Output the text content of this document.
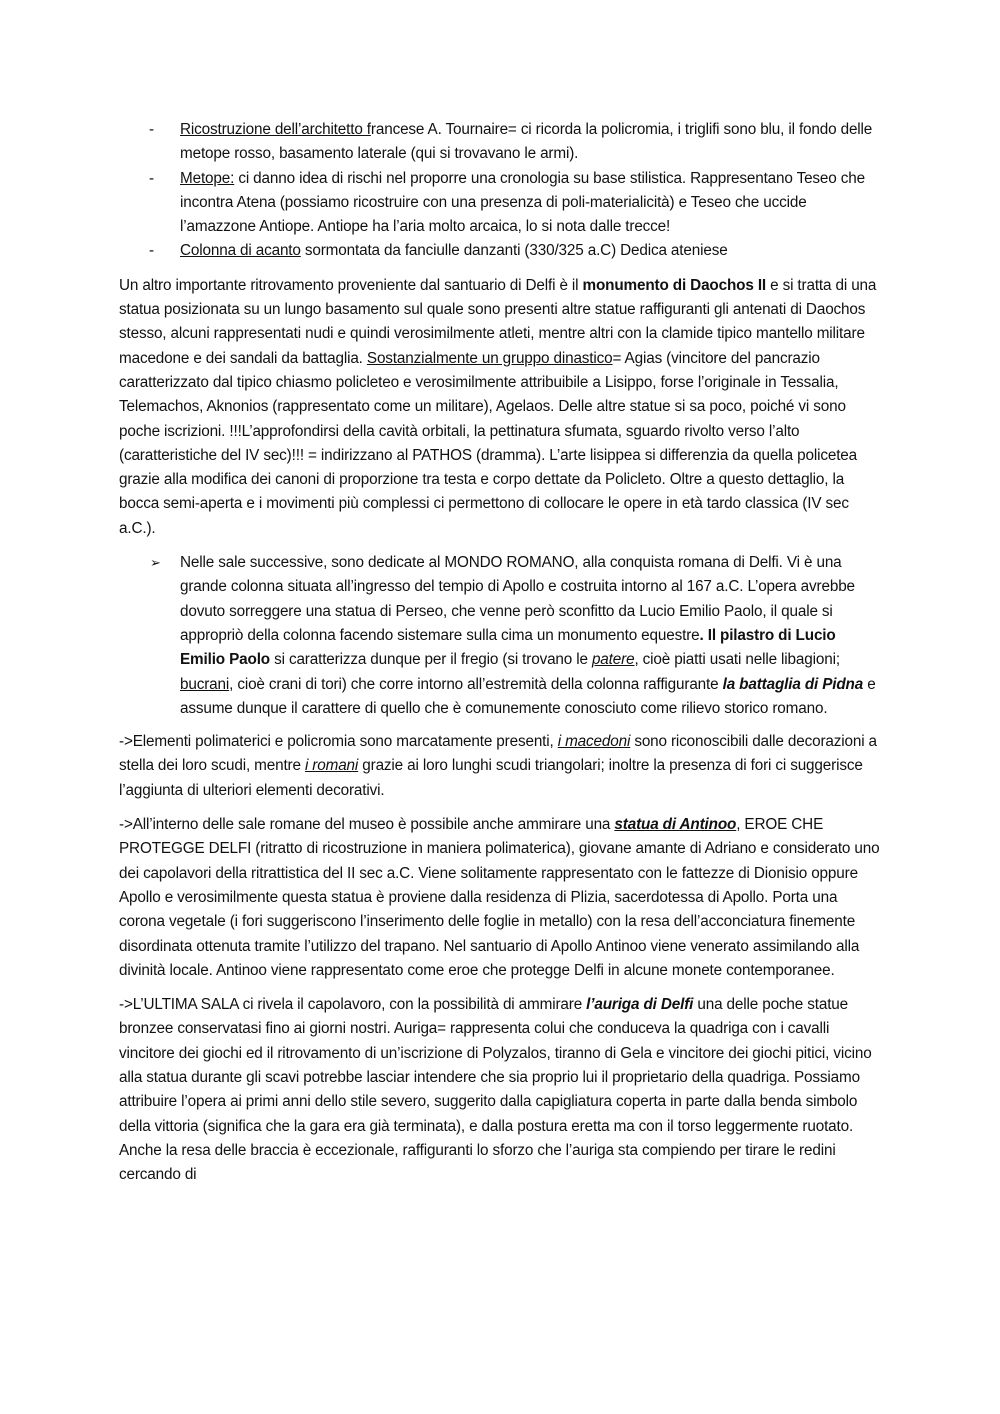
-	Ricostruzione dell’architetto francese A. Tournaire= ci ricorda la policromia, i triglifi sono blu, il fondo delle metope rosso, basamento laterale (qui si trovavano le armi).
-	Metope: ci danno idea di rischi nel proporre una cronologia su base stilistica. Rappresentano Teseo che incontra Atena (possiamo ricostruire con una presenza di poli-materialicità) e Teseo che uccide l’amazzone Antiope. Antiope ha l’aria molto arcaica, lo si nota dalle trecce!
-	Colonna di acanto sormontata da fanciulle danzanti (330/325 a.C) Dedica ateniese

Un altro importante ritrovamento proveniente dal santuario di Delfi è il monumento di Daochos II e si tratta di una statua posizionata su un lungo basamento sul quale sono presenti altre statue raffiguranti gli antenati di Daochos stesso, alcuni rappresentati nudi e quindi verosimilmente atleti, mentre altri con la clamide tipico mantello militare macedone e dei sandali da battaglia. Sostanzialmente un gruppo dinastico= Agias (vincitore del pancrazio caratterizzato dal tipico chiasmo policleteo e verosimilmente attribuibile a Lisippo, forse l’originale in Tessalia, Telemachos, Aknonios (rappresentato come un militare), Agelaos. Delle altre statue si sa poco, poiché vi sono poche iscrizioni. !!!L’approfondirsi della cavità orbitali, la pettinatura sfumata, sguardo rivolto verso l’alto (caratteristiche del IV sec)!!! = indirizzano al PATHOS (dramma). L’arte lisippea si differenzia da quella policetea grazie alla modifica dei canoni di proporzione tra testa e corpo dettate da Policleto. Oltre a questo dettaglio, la bocca semi-aperta e i movimenti più complessi ci permettono di collocare le opere in età tardo classica (IV sec a.C.).

➢ Nelle sale successive, sono dedicate al MONDO ROMANO, alla conquista romana di Delfi. Vi è una grande colonna situata all’ingresso del tempio di Apollo e costruita intorno al 167 a.C. L’opera avrebbe dovuto sorreggere una statua di Perseo, che venne però sconfitto da Lucio Emilio Paolo, il quale si appropriò della colonna facendo sistemare sulla cima un monumento equestre. Il pilastro di Lucio Emilio Paolo si caratterizza dunque per il fregio (si trovano le patere, cioè piatti usati nelle libagioni; bucrani, cioè crani di tori) che corre intorno all’estremità della colonna raffigurante la battaglia di Pidna e assume dunque il carattere di quello che è comunemente conosciuto come rilievo storico romano.

->Elementi polimaterici e policromia sono marcatamente presenti, i macedoni sono riconoscibili dalle decorazioni a stella dei loro scudi, mentre i romani grazie ai loro lunghi scudi triangolari; inoltre la presenza di fori ci suggerisce l’aggiunta di ulteriori elementi decorativi.

->All’interno delle sale romane del museo è possibile anche ammirare una statua di Antinoo, EROE CHE PROTEGGE DELFI (ritratto di ricostruzione in maniera polimaterica), giovane amante di Adriano e considerato uno dei capolavori della ritrattistica del II sec a.C. Viene solitamente rappresentato con le fattezze di Dionisio oppure Apollo e verosimilmente questa statua è proviene dalla residenza di Plizia, sacerdotessa di Apollo. Porta una corona vegetale (i fori suggeriscono l’inserimento delle foglie in metallo) con la resa dell’acconciatura finemente disordinata ottenuta tramite l’utilizzo del trapano. Nel santuario di Apollo Antinoo viene venerato assimilando alla divinità locale. Antinoo viene rappresentato come eroe che protegge Delfi in alcune monete contemporanee.

->L’ULTIMA SALA ci rivela il capolavoro, con la possibilità di ammirare l’auriga di Delfi una delle poche statue bronzee conservatasi fino ai giorni nostri. Auriga= rappresenta colui che conduceva la quadriga con i cavalli vincitore dei giochi ed il ritrovamento di un’iscrizione di Polyzalos, tiranno di Gela e vincitore dei giochi pitici, vicino alla statua durante gli scavi potrebbe lasciar intendere che sia proprio lui il proprietario della quadriga. Possiamo attribuire l’opera ai primi anni dello stile severo, suggerito dalla capigliatura coperta in parte dalla benda simbolo della vittoria (significa che la gara era già terminata), e dalla postura eretta ma con il torso leggermente ruotato. Anche la resa delle braccia è eccezionale, raffiguranti lo sforzo che l’auriga sta compiendo per tirare le redini cercando di
